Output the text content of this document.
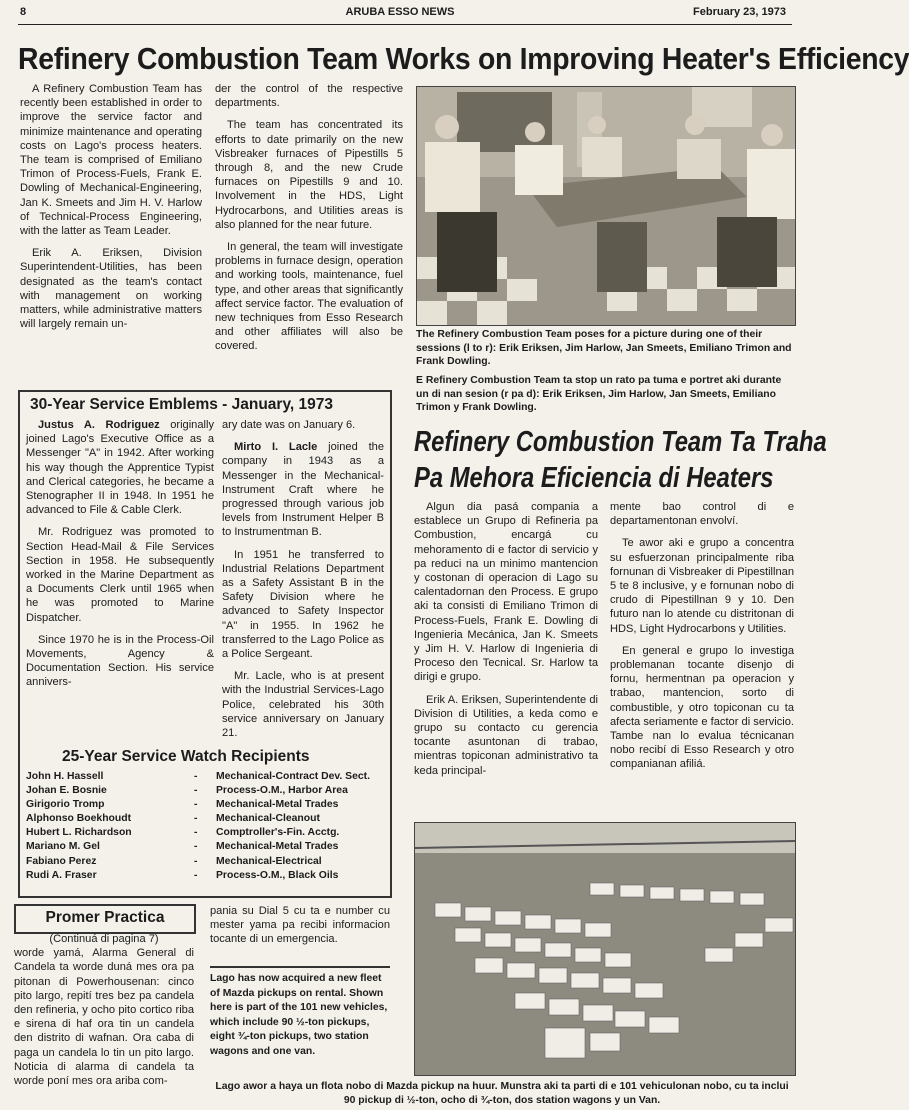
8	ARUBA ESSO NEWS	February 23, 1973
Refinery Combustion Team Works on Improving Heater's Efficiency

A Refinery Combustion Team has recently been established in order to improve the service factor and minimize maintenance and operating costs on Lago's process heaters. The team is comprised of Emiliano Trimon of Process-Fuels, Frank E. Dowling of Mechanical-Engineering, Jan K. Smeets and Jim H. V. Harlow of Technical-Process Engineering, with the latter as Team Leader.

Erik A. Eriksen, Division Superintendent-Utilities, has been designated as the team's contact with management on working matters, while administrative matters will largely remain un-

der the control of the respective departments.

The team has concentrated its efforts to date primarily on the new Visbreaker furnaces of Pipestills 5 through 8, and the new Crude furnaces on Pipestills 9 and 10. Involvement in the HDS, Light Hydrocarbons, and Utilities areas is also planned for the near future.

In general, the team will investigate problems in furnace design, operation and working tools, maintenance, fuel type, and other areas that significantly affect service factor. The evaluation of new techniques from Esso Research and other affiliates will also be covered.

The Refinery Combustion Team poses for a picture during one of their sessions (l to r): Erik Eriksen, Jim Harlow, Jan Smeets, Emiliano Trimon and Frank Dowling.
E Refinery Combustion Team ta stop un rato pa tuma e portret aki durante un di nan sesion (r pa d): Erik Eriksen, Jim Harlow, Jan Smeets, Emiliano Trimon y Frank Dowling.
30-Year Service Emblems - January, 1973

Justus A. Rodriguez originally joined Lago's Executive Office as a Messenger "A" in 1942. After working his way though the Apprentice Typist and Clerical categories, he became a Stenographer II in 1948. In 1951 he advanced to File & Cable Clerk.

Mr. Rodriguez was promoted to Section Head-Mail & File Services Section in 1958. He subsequently worked in the Marine Department as a Documents Clerk until 1965 when he was promoted to Marine Dispatcher.

Since 1970 he is in the Process-Oil Movements, Agency & Documentation Section. His service annivers-

ary date was on January 6.

Mirto I. Lacle joined the company in 1943 as a Messenger in the Mechanical-Instrument Craft where he progressed through various job levels from Instrument Helper B to Instrumentman B.

In 1951 he transferred to Industrial Relations Department as a Safety Assistant B in the Safety Division where he advanced to Safety Inspector "A" in 1955. In 1962 he transferred to the Lago Police as a Police Sergeant.

Mr. Lacle, who is at present with the Industrial Services-Lago Police, celebrated his 30th service anniversary on January 21.

25-Year Service Watch Recipients
John H. Hassell	-	Mechanical-Contract Dev. Sect.
Johan E. Bosnie	-	Process-O.M., Harbor Area
Girigorio Tromp	-	Mechanical-Metal Trades
Alphonso Boekhoudt	-	Mechanical-Cleanout
Hubert L. Richardson	-	Comptroller's-Fin. Acctg.
Mariano M. Gel	-	Mechanical-Metal Trades
Fabiano Perez	-	Mechanical-Electrical
Rudi A. Fraser	-	Process-O.M., Black Oils
Refinery Combustion Team Ta Traha
Pa Mehora Eficiencia di Heaters

Algun dia pasá compania a establece un Grupo di Refineria pa Combustion, encargá cu mehoramento di e factor di servicio y pa reduci na un minimo mantencion y costonan di operacion di Lago su calentadornan den Process. E grupo aki ta consisti di Emiliano Trimon di Process-Fuels, Frank E. Dowling di Ingenieria Mecánica, Jan K. Smeets y Jim H. V. Harlow di Ingenieria di Proceso den Tecnical. Sr. Harlow ta dirigi e grupo.

Erik A. Eriksen, Superintendente di Division di Utilities, a keda como e grupo su contacto cu gerencia tocante asuntonan di trabao, mientras topiconan administrativo ta keda principal-

mente bao control di e departamentonan envolví.

Te awor aki e grupo a concentra su esfuerzonan principalmente riba fornunan di Visbreaker di Pipestillnan 5 te 8 inclusive, y e fornunan nobo di crudo di Pipestillnan 9 y 10. Den futuro nan lo atende cu distritonan di HDS, Light Hydrocarbons y Utilities.

En general e grupo lo investiga problemanan tocante disenjo di fornu, hermentnan pa operacion y trabao, mantencion, sorto di combustible, y otro topiconan cu ta afecta seriamente e factor di servicio. Tambe nan lo evalua técnicanan nobo recibí di Esso Research y otro companianan afiliá.

Lago awor a haya un flota nobo di Mazda pickup na huur. Munstra aki ta parti di e 101 vehiculonan nobo, cu ta inclui 90 pickup di ½-ton, ocho di ¾-ton, dos station wagons y un Van.
Promer Practica
(Continuá di pagina 7)
worde yamá, Alarma General di Candela ta worde duná mes ora pa pitonan di Powerhousenan: cinco pito largo, repití tres bez pa candela den refineria, y ocho pito cortico riba e sirena di haf ora tin un candela den distrito di wafnan. Ora caba di paga un candela lo tin un pito largo. Noticia di alarma di candela ta worde poní mes ora ariba com-
pania su Dial 5 cu ta e number cu mester yama pa recibi informacion tocante di un emergencia.
Lago has now acquired a new fleet of Mazda pickups on rental. Shown here is part of the 101 new vehicles, which include 90 ½-ton pickups, eight ¾-ton pickups, two station wagons and one van.
